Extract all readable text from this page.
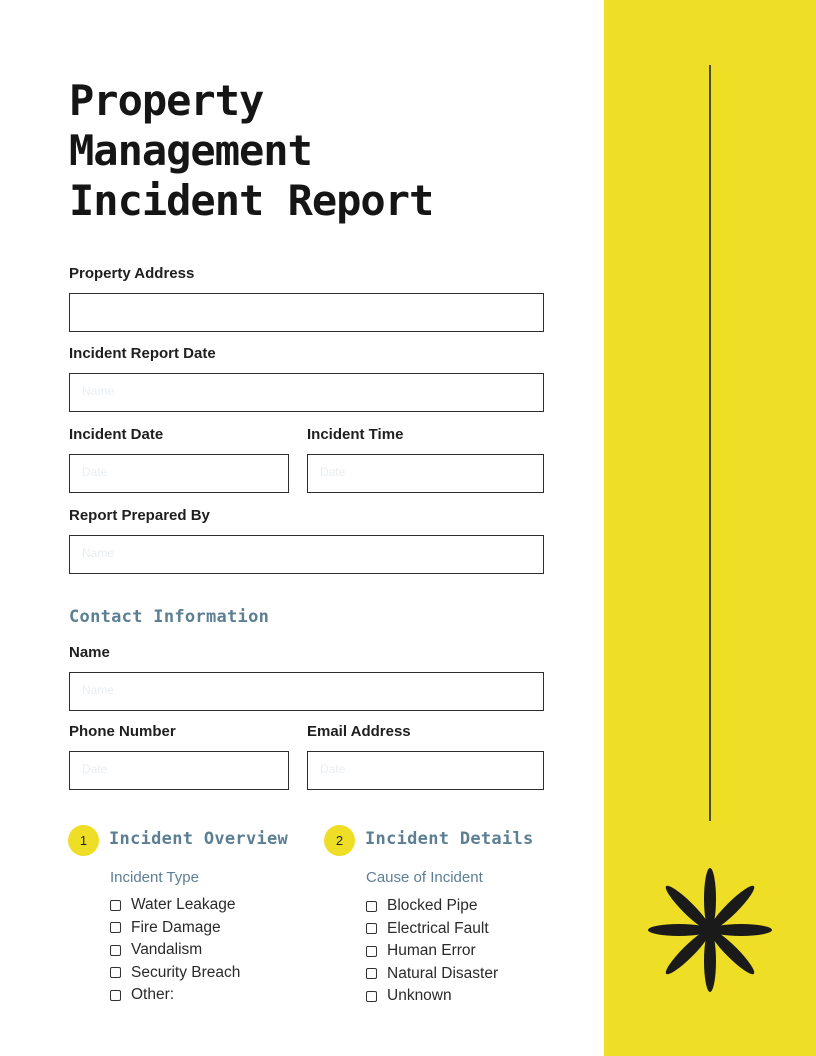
Property
Management
Incident Report
Property Address
Incident Report Date
Name
Incident Date
Date
Incident Time
Date
Report Prepared By
Name
Contact Information
Name
Name
Phone Number
Date
Email Address
Date
1	Incident Overview
Incident Type
Water Leakage
Fire Damage
Vandalism
Security Breach
Other:
2	Incident Details
Cause of Incident
Blocked Pipe
Electrical Fault
Human Error
Natural Disaster
Unknown
